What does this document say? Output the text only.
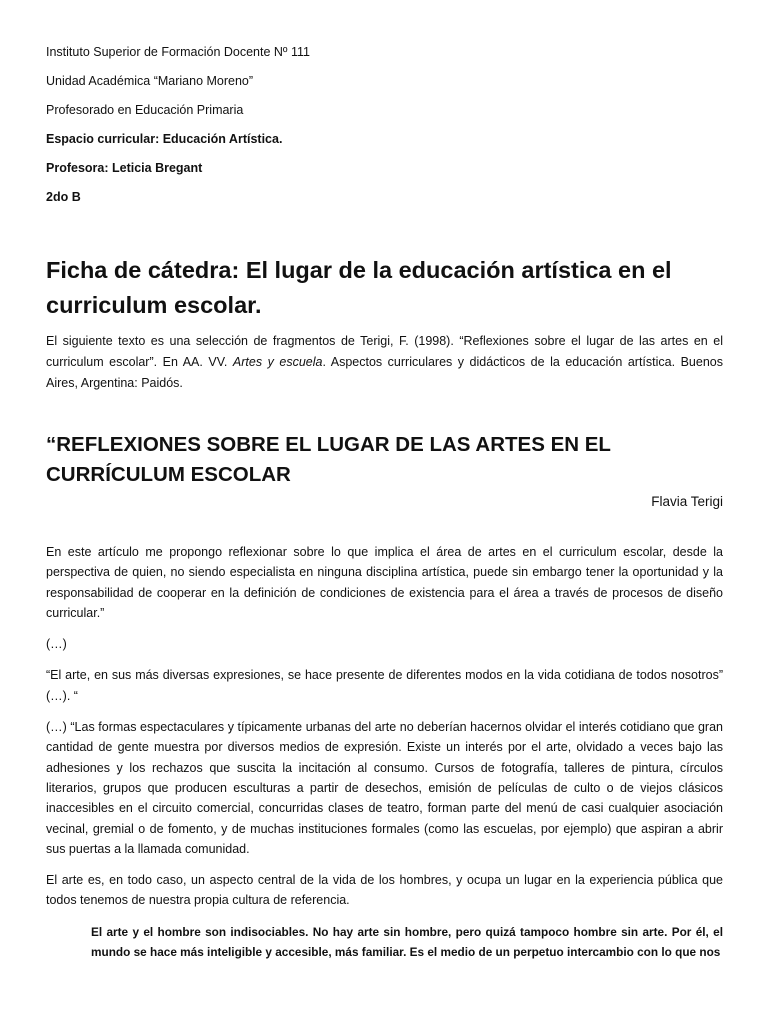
Instituto Superior de Formación Docente Nº 111
Unidad Académica “Mariano Moreno”
Profesorado en Educación Primaria
Espacio curricular: Educación Artística.
Profesora: Leticia Bregant
2do B
Ficha de cátedra: El lugar de la educación artística en el curriculum escolar.

El siguiente texto es una selección de fragmentos de Terigi, F. (1998). “Reflexiones sobre el lugar de las artes en el curriculum escolar”. En AA. VV. Artes y escuela. Aspectos curriculares y didácticos de la educación artística. Buenos Aires, Argentina: Paidós.

“REFLEXIONES SOBRE EL LUGAR DE LAS ARTES EN EL CURRÍCULUM ESCOLAR
Flavia Terigi

En este artículo me propongo reflexionar sobre lo que implica el área de artes en el curriculum escolar, desde la perspectiva de quien, no siendo especialista en ninguna disciplina artística, puede sin embargo tener la oportunidad y la responsabilidad de cooperar en la definición de condiciones de existencia para el área a través de procesos de diseño curricular.”

(…)

“El arte, en sus más diversas expresiones, se hace presente de diferentes modos en la vida cotidiana de todos nosotros” (…). “

(…) “Las formas espectaculares y típicamente urbanas del arte no deberían hacernos olvidar el interés cotidiano que gran cantidad de gente muestra por diversos medios de expresión. Existe un interés por el arte, olvidado a veces bajo las adhesiones y los rechazos que suscita la incitación al consumo. Cursos de fotografía, talleres de pintura, círculos literarios, grupos que producen esculturas a partir de desechos, emisión de películas de culto o de viejos clásicos inaccesibles en el circuito comercial, concurridas clases de teatro, forman parte del menú de casi cualquier asociación vecinal, gremial o de fomento, y de muchas instituciones formales (como las escuelas, por ejemplo) que aspiran a abrir sus puertas a la llamada comunidad.

El arte es, en todo caso, un aspecto central de la vida de los hombres, y ocupa un lugar en la experiencia pública que todos tenemos de nuestra propia cultura de referencia.

El arte y el hombre son indisociables. No hay arte sin hombre, pero quizá tampoco hombre sin arte. Por él, el mundo se hace más inteligible y accesible, más familiar. Es el medio de un perpetuo intercambio con lo que nos
